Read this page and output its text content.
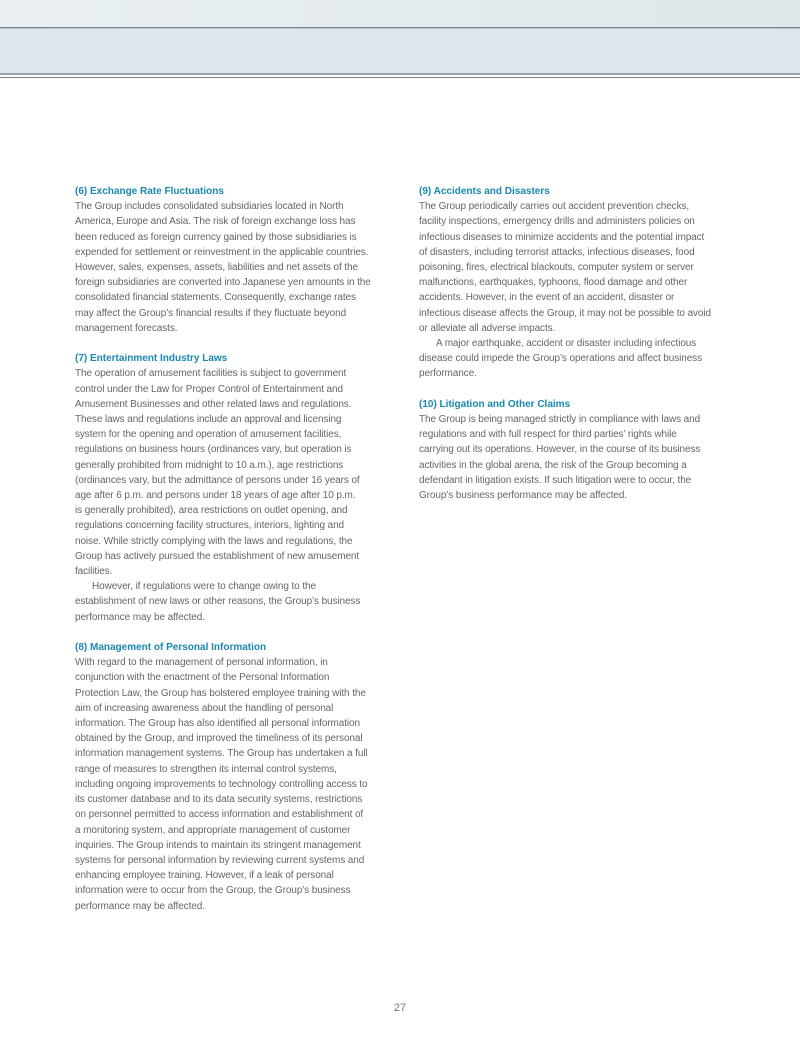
(6) Exchange Rate Fluctuations
The Group includes consolidated subsidiaries located in North
America, Europe and Asia. The risk of foreign exchange loss has
been reduced as foreign currency gained by those subsidiaries is
expended for settlement or reinvestment in the applicable countries.
However, sales, expenses, assets, liabilities and net assets of the
foreign subsidiaries are converted into Japanese yen amounts in the
consolidated financial statements. Consequently, exchange rates
may affect the Group’s financial results if they fluctuate beyond
management forecasts.
(7) Entertainment Industry Laws
The operation of amusement facilities is subject to government
control under the Law for Proper Control of Entertainment and
Amusement Businesses and other related laws and regulations.
These laws and regulations include an approval and licensing
system for the opening and operation of amusement facilities,
regulations on business hours (ordinances vary, but operation is
generally prohibited from midnight to 10 a.m.), age restrictions
(ordinances vary, but the admittance of persons under 16 years of
age after 6 p.m. and persons under 18 years of age after 10 p.m.
is generally prohibited), area restrictions on outlet opening, and
regulations concerning facility structures, interiors, lighting and
noise. While strictly complying with the laws and regulations, the
Group has actively pursued the establishment of new amusement
facilities.
However, if regulations were to change owing to the
establishment of new laws or other reasons, the Group’s business
performance may be affected.
(8) Management of Personal Information
With regard to the management of personal information, in
conjunction with the enactment of the Personal Information
Protection Law, the Group has bolstered employee training with the
aim of increasing awareness about the handling of personal
information. The Group has also identified all personal information
obtained by the Group, and improved the timeliness of its personal
information management systems. The Group has undertaken a full
range of measures to strengthen its internal control systems,
including ongoing improvements to technology controlling access to
its customer database and to its data security systems, restrictions
on personnel permitted to access information and establishment of
a monitoring system, and appropriate management of customer
inquiries. The Group intends to maintain its stringent management
systems for personal information by reviewing current systems and
enhancing employee training. However, if a leak of personal
information were to occur from the Group, the Group’s business
performance may be affected.
(9) Accidents and Disasters
The Group periodically carries out accident prevention checks,
facility inspections, emergency drills and administers policies on
infectious diseases to minimize accidents and the potential impact
of disasters, including terrorist attacks, infectious diseases, food
poisoning, fires, electrical blackouts, computer system or server
malfunctions, earthquakes, typhoons, flood damage and other
accidents. However, in the event of an accident, disaster or
infectious disease affects the Group, it may not be possible to avoid
or alleviate all adverse impacts.
A major earthquake, accident or disaster including infectious
disease could impede the Group’s operations and affect business
performance.
(10) Litigation and Other Claims
The Group is being managed strictly in compliance with laws and
regulations and with full respect for third parties’ rights while
carrying out its operations. However, in the course of its business
activities in the global arena, the risk of the Group becoming a
defendant in litigation exists. If such litigation were to occur, the
Group’s business performance may be affected.
27
